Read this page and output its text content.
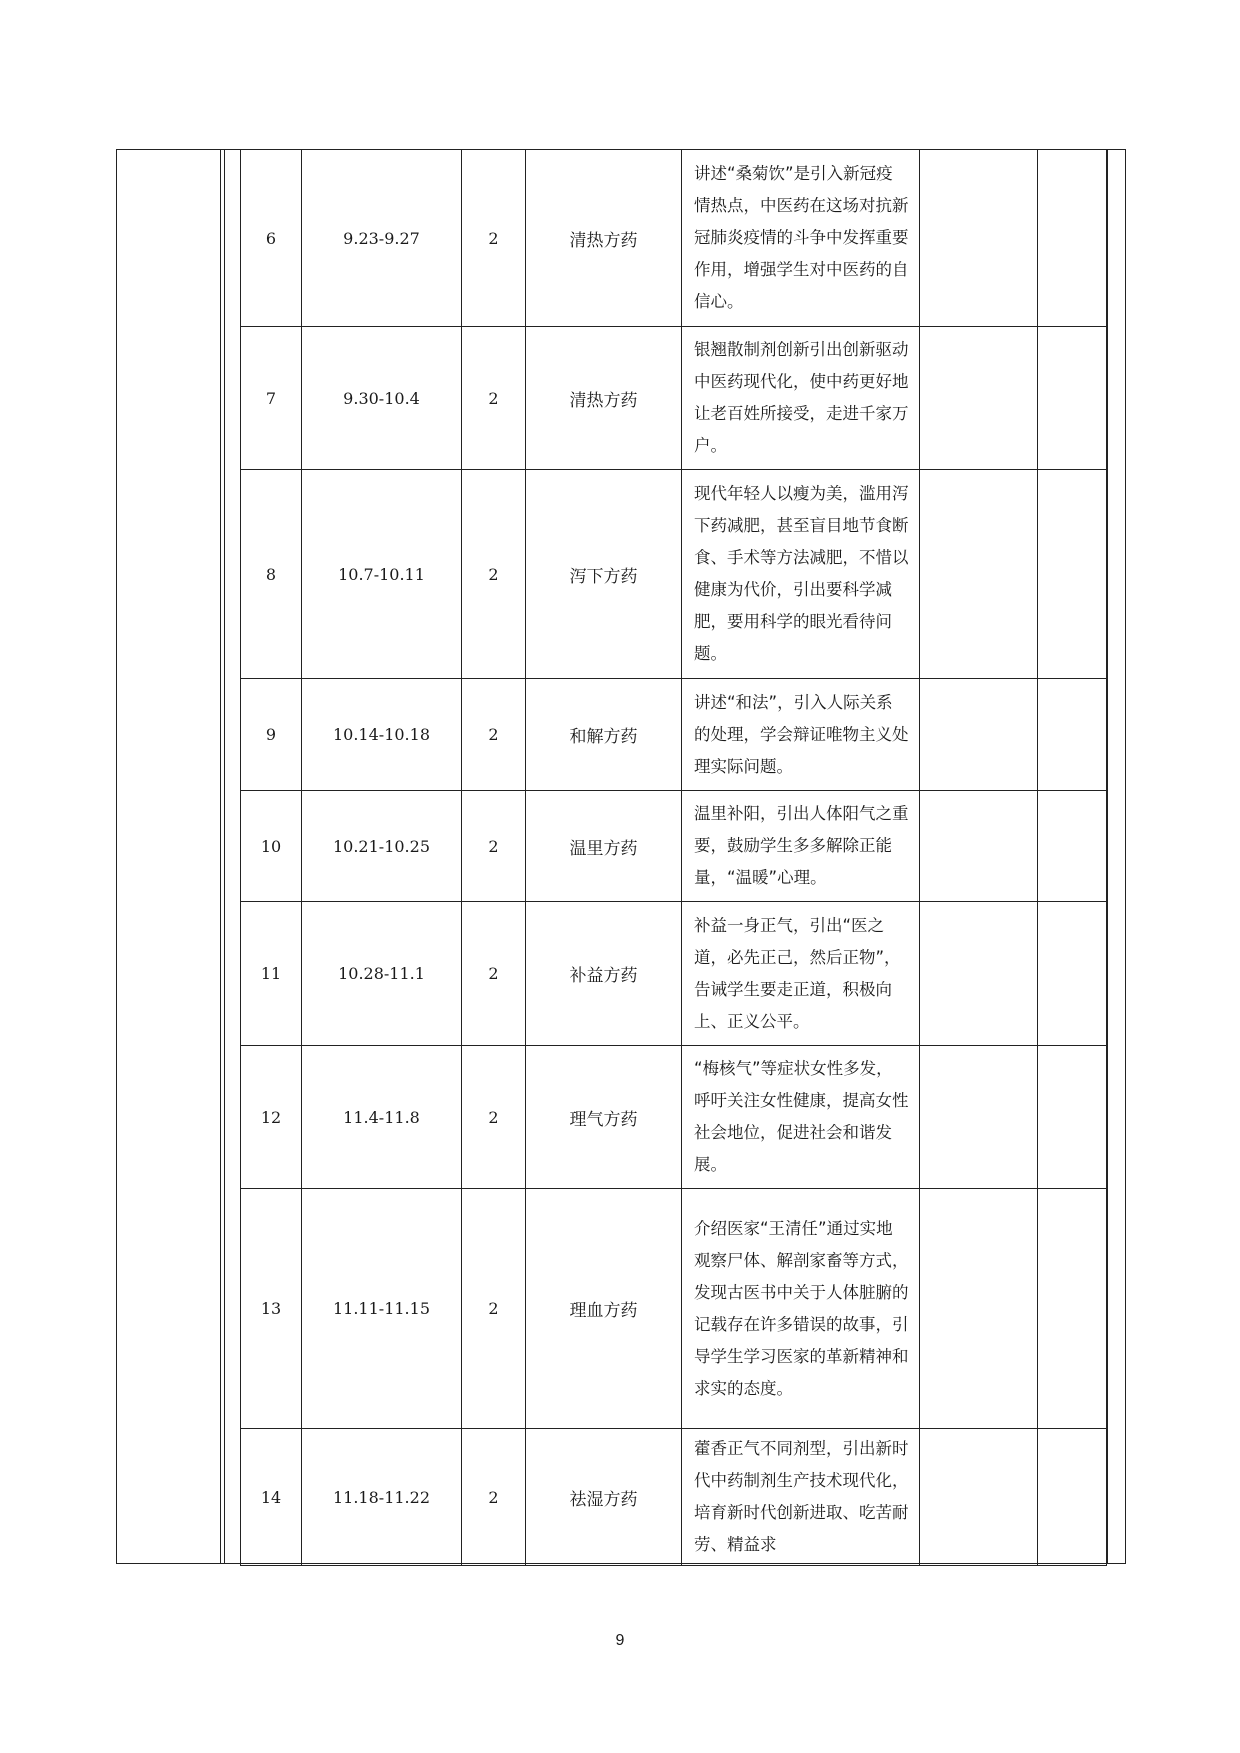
6	9.23-9.27	2	清热方药	讲述“桑菊饮”是引入新冠疫情热点，中医药在这场对抗新冠肺炎疫情的斗争中发挥重要作用，增强学生对中医药的自信心。		
7	9.30-10.4	2	清热方药	银翘散制剂创新引出创新驱动中医药现代化，使中药更好地让老百姓所接受，走进千家万户。		
8	10.7-10.11	2	泻下方药	现代年轻人以瘦为美，滥用泻下药减肥，甚至盲目地节食断食、手术等方法减肥，不惜以健康为代价，引出要科学减肥，要用科学的眼光看待问题。		
9	10.14-10.18	2	和解方药	讲述“和法”，引入人际关系的处理，学会辩证唯物主义处理实际问题。		
10	10.21-10.25	2	温里方药	温里补阳，引出人体阳气之重要，鼓励学生多多解除正能量，“温暖”心理。		
11	10.28-11.1	2	补益方药	补益一身正气，引出“医之道，必先正己，然后正物”，告诫学生要走正道，积极向上、正义公平。		
12	11.4-11.8	2	理气方药	“梅核气”等症状女性多发，呼吁关注女性健康，提高女性社会地位，促进社会和谐发展。		
13	11.11-11.15	2	理血方药	介绍医家“王清任”通过实地观察尸体、解剖家畜等方式，发现古医书中关于人体脏腑的记载存在许多错误的故事，引导学生学习医家的革新精神和求实的态度。		
14	11.18-11.22	2	祛湿方药	藿香正气不同剂型，引出新时代中药制剂生产技术现代化，培育新时代创新进取、吃苦耐劳、精益求		
9
